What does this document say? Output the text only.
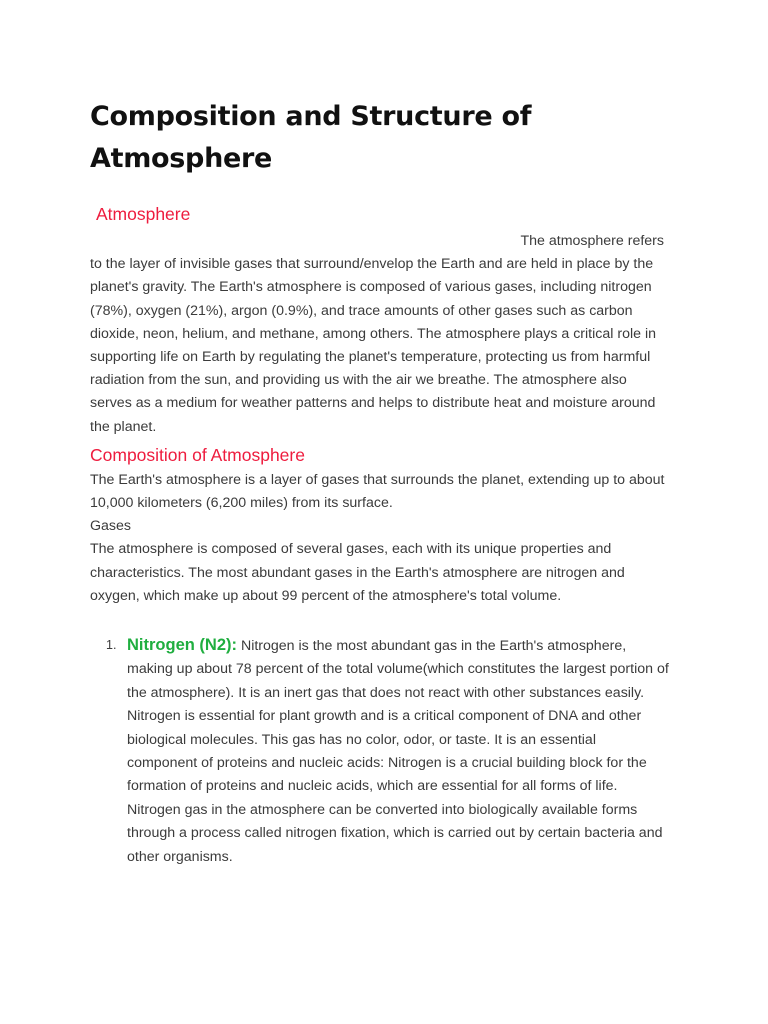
Composition and Structure of Atmosphere
Atmosphere

The atmosphere refers
to the layer of invisible gases that surround/envelop the Earth and are held in place by the planet's gravity. The Earth's atmosphere is composed of various gases, including nitrogen (78%), oxygen (21%), argon (0.9%), and trace amounts of other gases such as carbon dioxide, neon, helium, and methane, among others. The atmosphere plays a critical role in supporting life on Earth by regulating the planet's temperature, protecting us from harmful radiation from the sun, and providing us with the air we breathe. The atmosphere also serves as a medium for weather patterns and helps to distribute heat and moisture around the planet.

Composition of Atmosphere

The Earth's atmosphere is a layer of gases that surrounds the planet, extending up to about 10,000 kilometers (6,200 miles) from its surface.

Gases

The atmosphere is composed of several gases, each with its unique properties and characteristics. The most abundant gases in the Earth's atmosphere are nitrogen and oxygen, which make up about 99 percent of the atmosphere's total volume.

1. Nitrogen (N2): Nitrogen is the most abundant gas in the Earth's atmosphere, making up about 78 percent of the total volume(which constitutes the largest portion of the atmosphere). It is an inert gas that does not react with other substances easily. Nitrogen is essential for plant growth and is a critical component of DNA and other biological molecules. This gas has no color, odor, or taste. It is an essential component of proteins and nucleic acids: Nitrogen is a crucial building block for the formation of proteins and nucleic acids, which are essential for all forms of life. Nitrogen gas in the atmosphere can be converted into biologically available forms through a process called nitrogen fixation, which is carried out by certain bacteria and other organisms.
